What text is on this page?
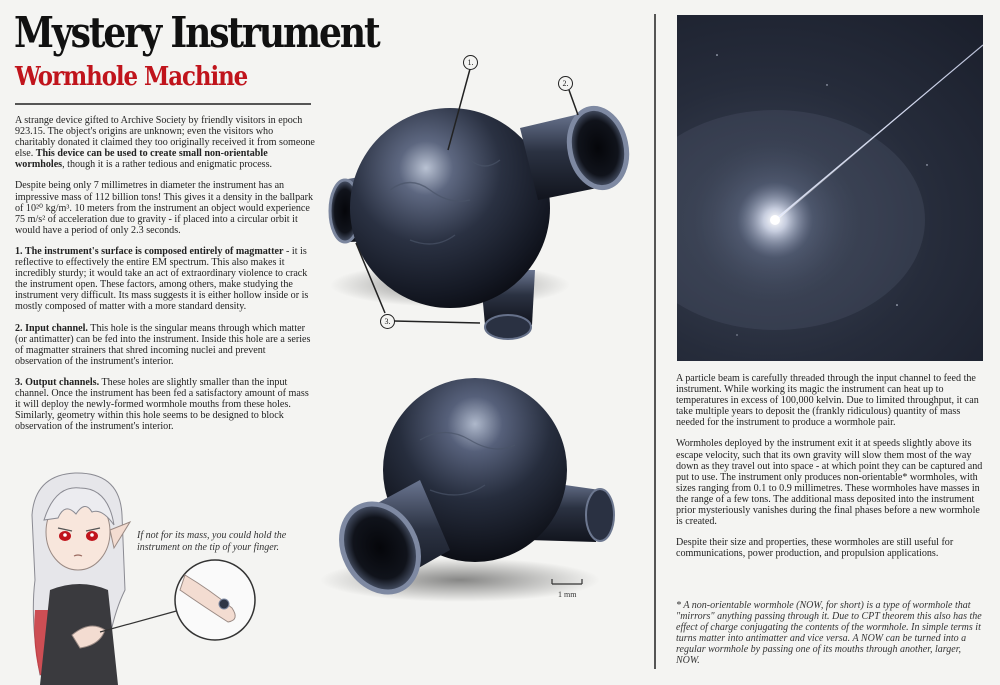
Mystery Instrument
Wormhole Machine

A strange device gifted to Archive Society by friendly visitors in epoch 923.15. The object's origins are unknown; even the visitors who charitably donated it claimed they too originally received it from someone else. This device can be used to create small non-orientable wormholes, though it is a rather tedious and enigmatic process.

Despite being only 7 millimetres in diameter the instrument has an impressive mass of 112 billion tons! This gives it a density in the ballpark of 10²⁰ kg/m³. 10 meters from the instrument an object would experience 75 m/s² of acceleration due to gravity - if placed into a circular orbit it would have a period of only 2.3 seconds.

1. The instrument's surface is composed entirely of magmatter - it is reflective to effectively the entire EM spectrum. This also makes it incredibly sturdy; it would take an act of extraordinary violence to crack the instrument open. These factors, among others, make studying the instrument very difficult. Its mass suggests it is either hollow inside or is mostly composed of matter with a more standard density.

2. Input channel. This hole is the singular means through which matter (or antimatter) can be fed into the instrument. Inside this hole are a series of magmatter strainers that shred incoming nuclei and prevent observation of the instrument's interior.

3. Output channels. These holes are slightly smaller than the input channel. Once the instrument has been fed a satisfactory amount of mass it will deploy the newly-formed wormhole mouths from these holes. Similarly, geometry within this hole seems to be designed to block observation of the instrument's interior.

1 mm
1.
2.
3.
If not for its mass, you could hold the instrument on the tip of your finger.

A particle beam is carefully threaded through the input channel to feed the instrument. While working its magic the instrument can heat up to temperatures in excess of 100,000 kelvin. Due to limited throughput, it can take multiple years to deposit the (frankly ridiculous) quantity of mass needed for the instrument to produce a wormhole pair.

Wormholes deployed by the instrument exit it at speeds slightly above its escape velocity, such that its own gravity will slow them most of the way down as they travel out into space - at which point they can be captured and put to use. The instrument only produces non-orientable* wormholes, with sizes ranging from 0.1 to 0.9 millimetres. These wormholes have masses in the range of a few tons. The additional mass deposited into the instrument prior mysteriously vanishes during the final phases before a new wormhole is created.

Despite their size and properties, these wormholes are still useful for communications, power production, and propulsion applications.

* A non-orientable wormhole (NOW, for short) is a type of wormhole that "mirrors" anything passing through it. Due to CPT theorem this also has the effect of charge conjugating the contents of the wormhole. In simple terms it turns matter into antimatter and vice versa. A NOW can be turned into a regular wormhole by passing one of its mouths through another, larger, NOW.
